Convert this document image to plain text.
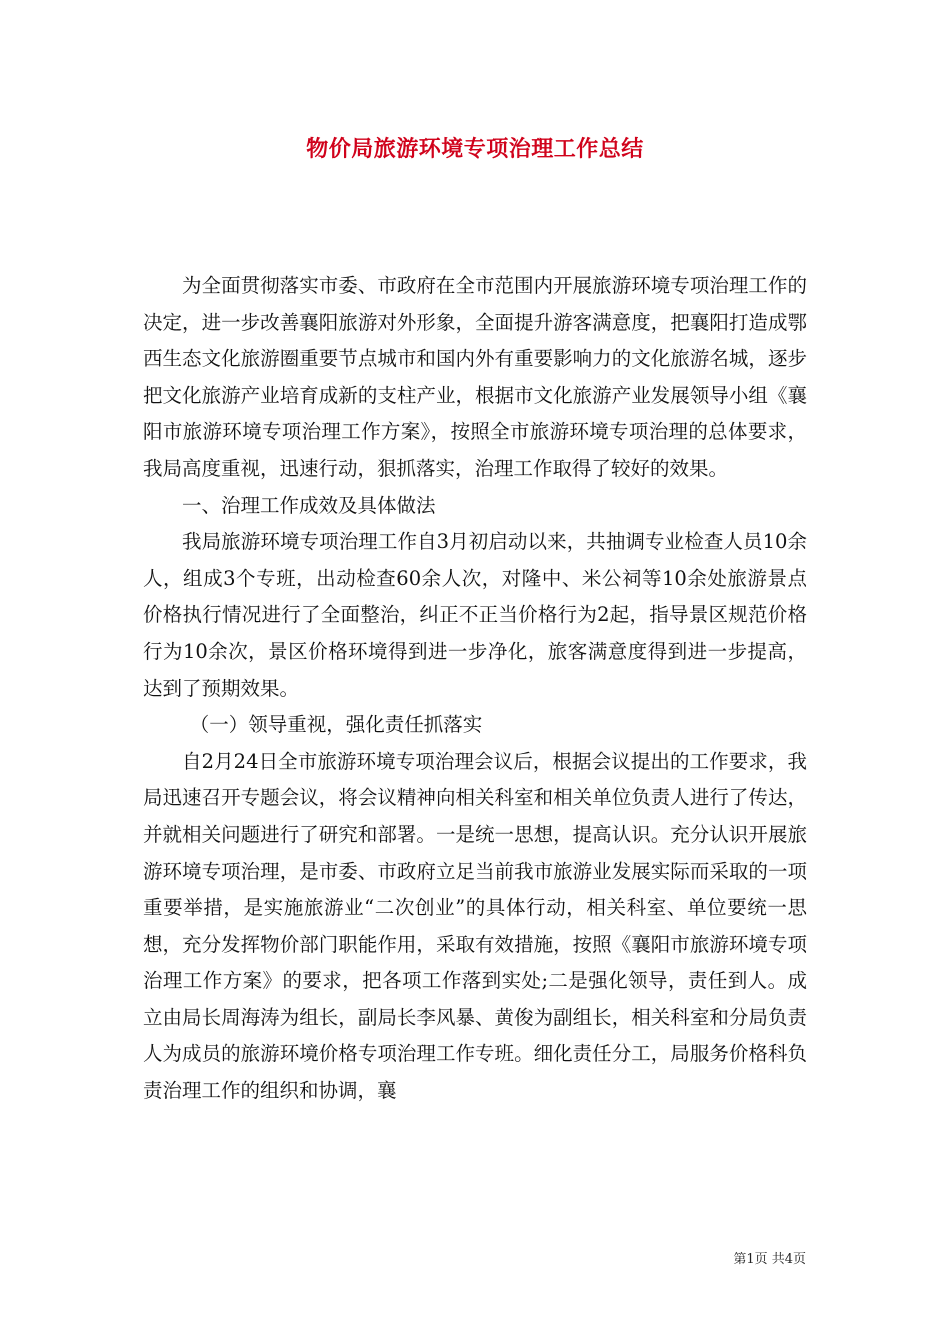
物价局旅游环境专项治理工作总结

为全面贯彻落实市委、市政府在全市范围内开展旅游环境专项治理工作的决定，进一步改善襄阳旅游对外形象，全面提升游客满意度，把襄阳打造成鄂西生态文化旅游圈重要节点城市和国内外有重要影响力的文化旅游名城，逐步把文化旅游产业培育成新的支柱产业，根据市文化旅游产业发展领导小组《襄阳市旅游环境专项治理工作方案》，按照全市旅游环境专项治理的总体要求，我局高度重视，迅速行动，狠抓落实，治理工作取得了较好的效果。

一、治理工作成效及具体做法

我局旅游环境专项治理工作自3月初启动以来，共抽调专业检查人员10余人，组成3个专班，出动检查60余人次，对隆中、米公祠等10余处旅游景点价格执行情况进行了全面整治，纠正不正当价格行为2起，指导景区规范价格行为10余次，景区价格环境得到进一步净化，旅客满意度得到进一步提高，达到了预期效果。

（一）领导重视，强化责任抓落实

自2月24日全市旅游环境专项治理会议后，根据会议提出的工作要求，我局迅速召开专题会议，将会议精神向相关科室和相关单位负责人进行了传达，并就相关问题进行了研究和部署。一是统一思想，提高认识。充分认识开展旅游环境专项治理，是市委、市政府立足当前我市旅游业发展实际而采取的一项重要举措，是实施旅游业“二次创业”的具体行动，相关科室、单位要统一思想，充分发挥物价部门职能作用，采取有效措施，按照《襄阳市旅游环境专项治理工作方案》的要求，把各项工作落到实处;二是强化领导，责任到人。成立由局长周海涛为组长，副局长李风暴、黄俊为副组长，相关科室和分局负责人为成员的旅游环境价格专项治理工作专班。细化责任分工，局服务价格科负责治理工作的组织和协调，襄

第1页 共4页
